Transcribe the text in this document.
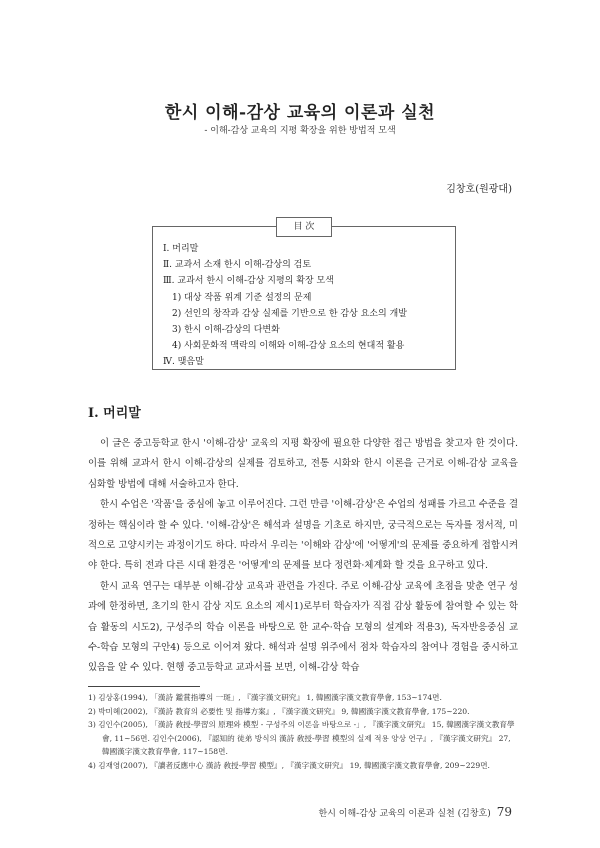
한시 이해-감상 교육의 이론과 실천
- 이해-감상 교육의 지평 확장을 위한 방법적 모색
김창호(원광대)
目 次
Ⅰ. 머리말
Ⅱ. 교과서 소재 한시 이해-감상의 검토
Ⅲ. 교과서 한시 이해-감상 지평의 확장 모색
1) 대상 작품 위계 기준 설정의 문제
2) 선인의 창작과 감상 실제를 기반으로 한 감상 요소의 개발
3) 한시 이해-감상의 다변화
4) 사회문화적 맥락의 이해와 이해-감상 요소의 현대적 활용
Ⅳ. 맺음말
Ⅰ. 머리말

이 글은 중고등학교 한시 '이해-감상' 교육의 지평 확장에 필요한 다양한 접근 방법을 찾고자 한 것이다. 이를 위해 교과서 한시 이해-감상의 실제를 검토하고, 전통 시화와 한시 이론을 근거로 이해-감상 교육을 심화할 방법에 대해 서술하고자 한다.

한시 수업은 '작품'을 중심에 놓고 이루어진다. 그런 만큼 '이해-감상'은 수업의 성패를 가르고 수준을 결정하는 핵심이라 할 수 있다. '이해-감상'은 해석과 설명을 기초로 하지만, 궁극적으로는 독자를 정서적, 미적으로 고양시키는 과정이기도 하다. 따라서 우리는 '이해와 감상'에 '어떻게'의 문제를 중요하게 접합시켜야 한다. 특히 전과 다른 시대 환경은 '어떻게'의 문제를 보다 정련화·체계화 할 것을 요구하고 있다.

한시 교육 연구는 대부분 이해-감상 교육과 관련을 가진다. 주로 이해-감상 교육에 초점을 맞춘 연구 성과에 한정하면, 초기의 한시 감상 지도 요소의 제시1)로부터 학습자가 직접 감상 활동에 참여할 수 있는 학습 활동의 시도2), 구성주의 학습 이론을 바탕으로 한 교수·학습 모형의 설계와 적용3), 독자반응중심 교수-학습 모형의 구안4) 등으로 이어져 왔다. 해석과 설명 위주에서 점차 학습자의 참여나 경험을 중시하고 있음을 알 수 있다. 현행 중고등학교 교과서를 보면, 이해-감상 학습

1) 김상홍(1994), 「漢詩 鑑賞指導의 一斑」, 『漢字漢文研究』 1, 韓國漢字漢文教育學會, 153~174면.
2) 박미혜(2002), 『漢詩 教育의 必要性 및 指導方案』, 『漢字漢文研究』 9, 韓國漢字漢文教育學會, 175~220.
3) 김인수(2005), 「漢詩 敎授-學習의 原理와 模型 - 구성주의 이론을 바탕으로 -」, 『漢字漢文研究』 15, 韓國漢字漢文教育學會, 11~56면. 김인수(2006), 『認知的 徒弟 방식의 漢詩 敎授-學習 模型의 실제 적용 양상 연구』, 『漢字漢文研究』 27, 韓國漢字漢文教育學會, 117~158면.
4) 김재영(2007), 『讀者反應中心 漢詩 敎授-學習 模型』, 『漢字漢文研究』 19, 韓國漢字漢文教育學會, 209~229면.
한시 이해-감상 교육의 이론과 실천 (김창호) 79
